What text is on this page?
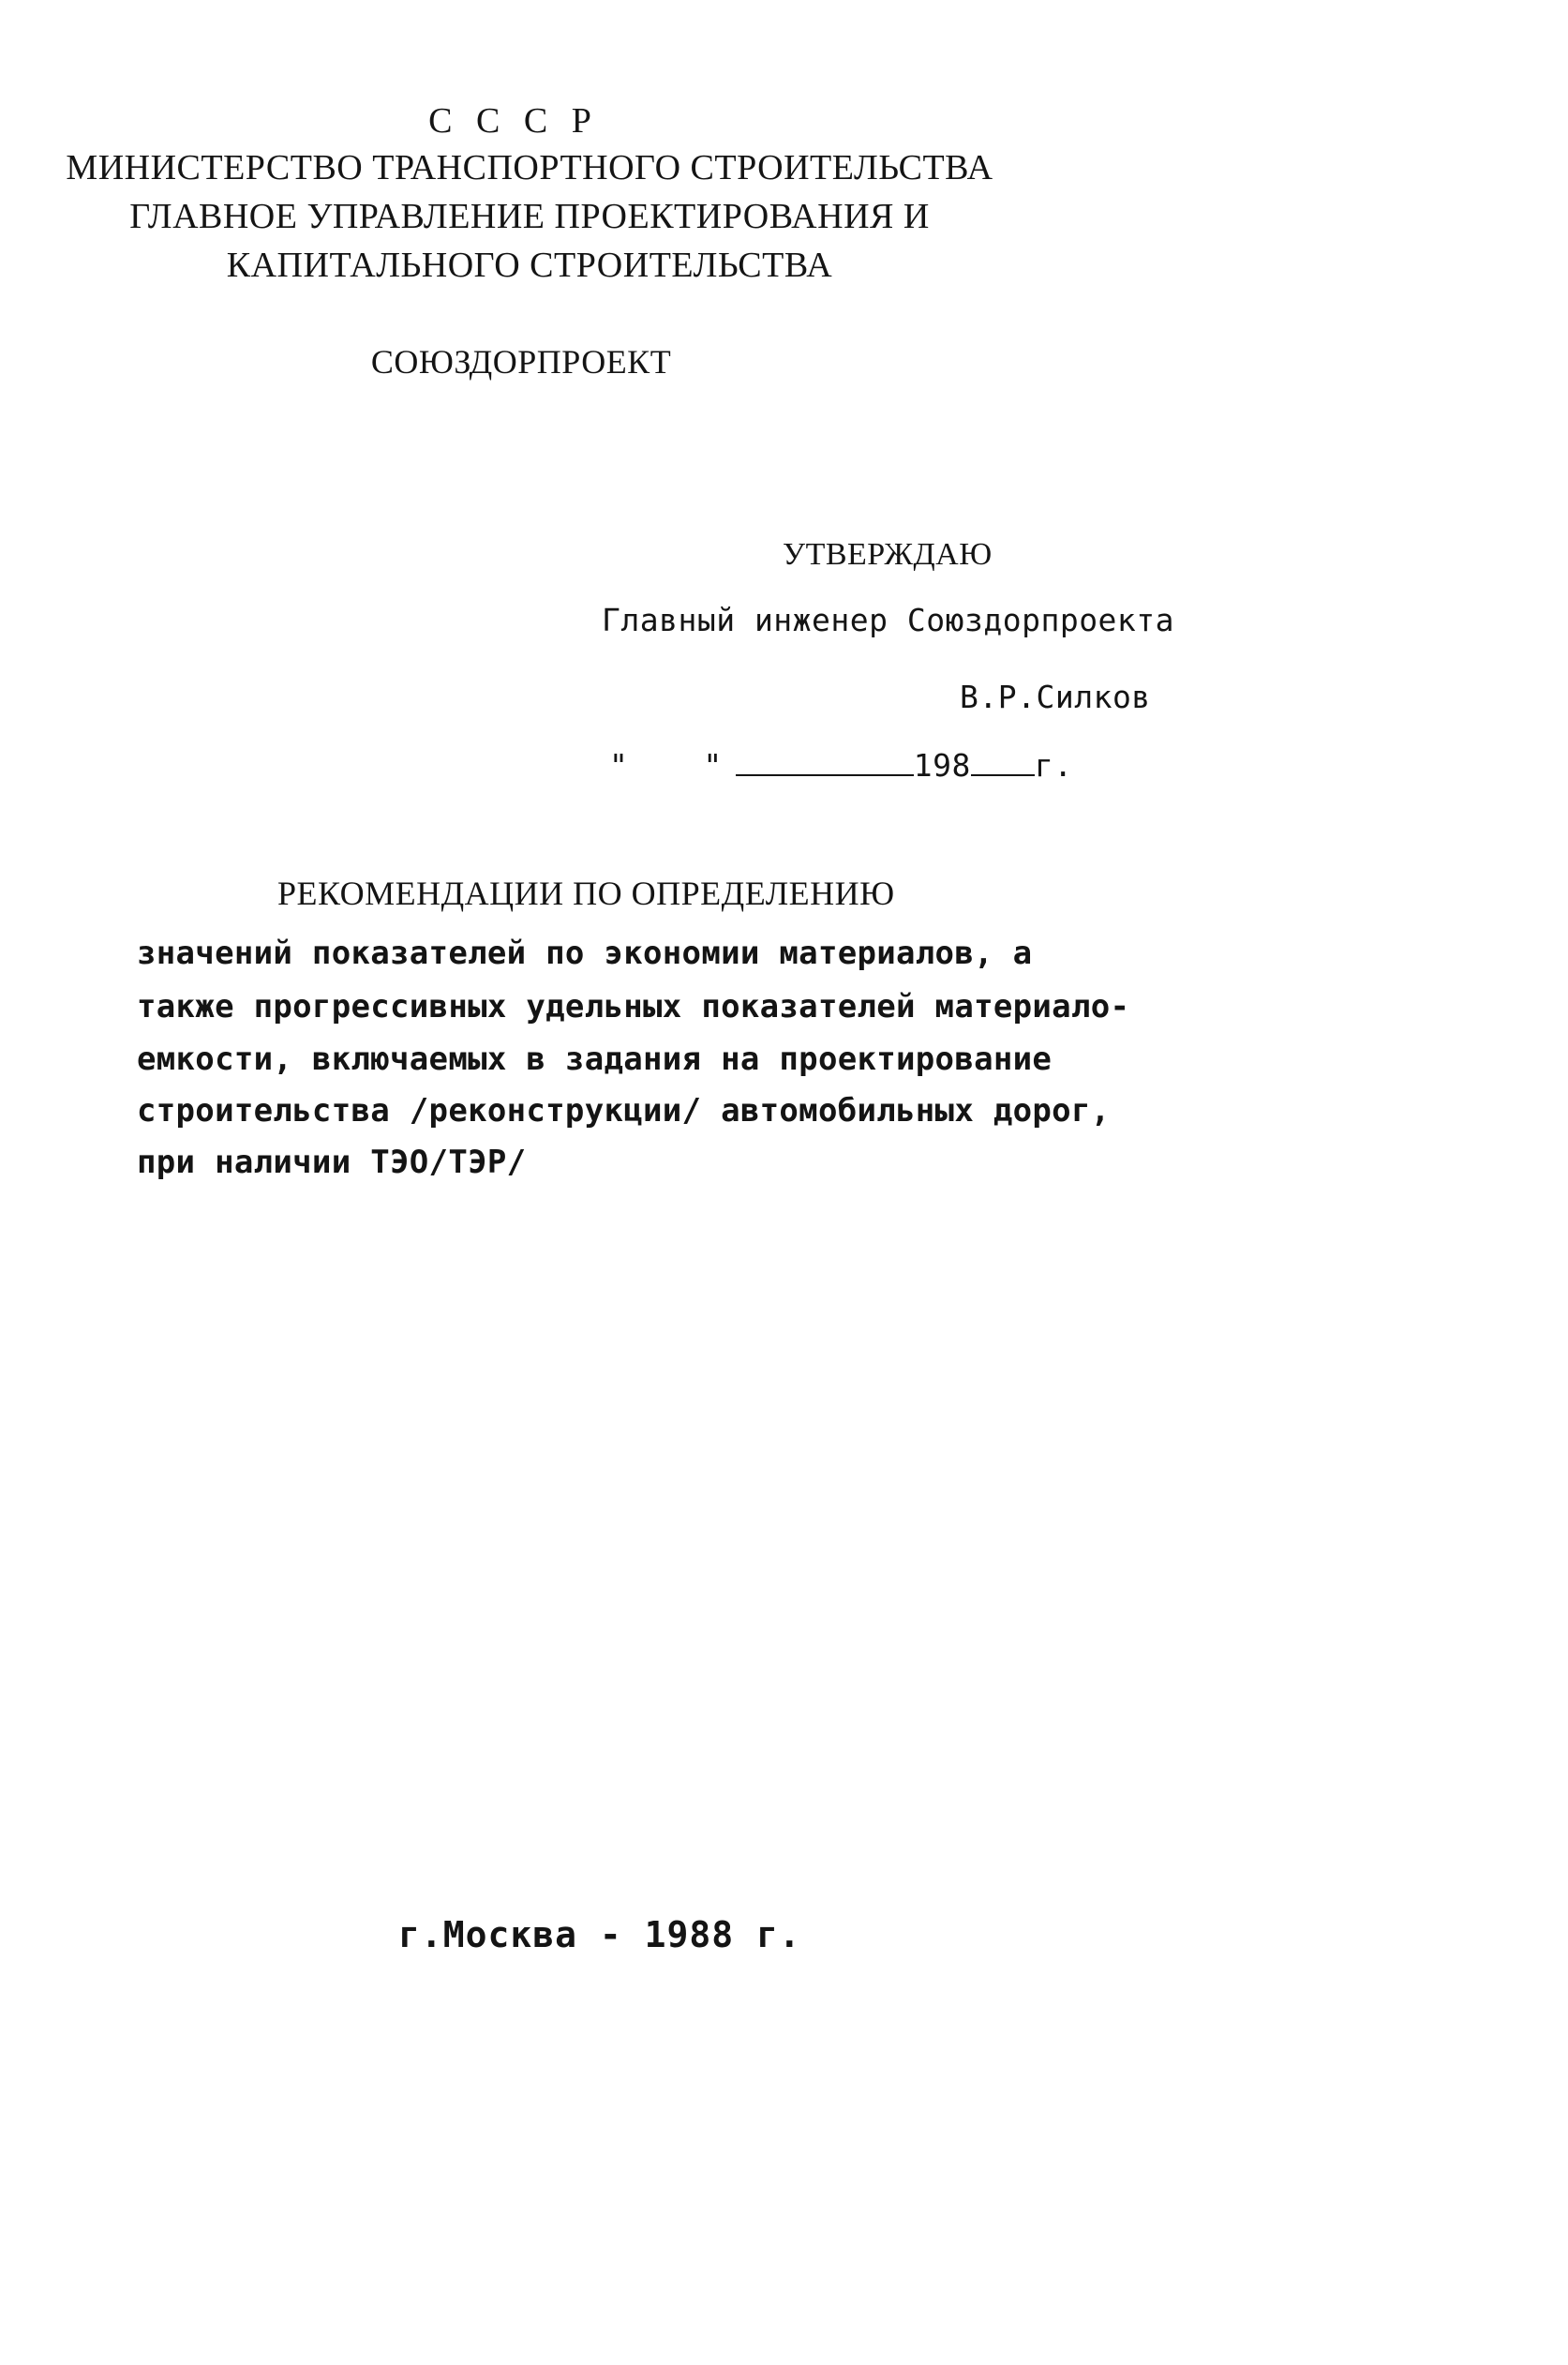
С С С Р
МИНИСТЕРСТВО ТРАНСПОРТНОГО СТРОИТЕЛЬСТВА
ГЛАВНОЕ УПРАВЛЕНИЕ ПРОЕКТИРОВАНИЯ И
КАПИТАЛЬНОГО СТРОИТЕЛЬСТВА
СОЮЗДОРПРОЕКТ
УТВЕРЖДАЮ
Главный инженер Союздорпроекта
В.Р.Силков
" "	198 г.
РЕКОМЕНДАЦИИ ПО ОПРЕДЕЛЕНИЮ
значений показателей по экономии материалов, а
также прогрессивных удельных показателей материало-
емкости, включаемых в задания на проектирование
строительства /реконструкции/ автомобильных дорог,
при наличии ТЭО/ТЭР/
г.Москва - 1988 г.
